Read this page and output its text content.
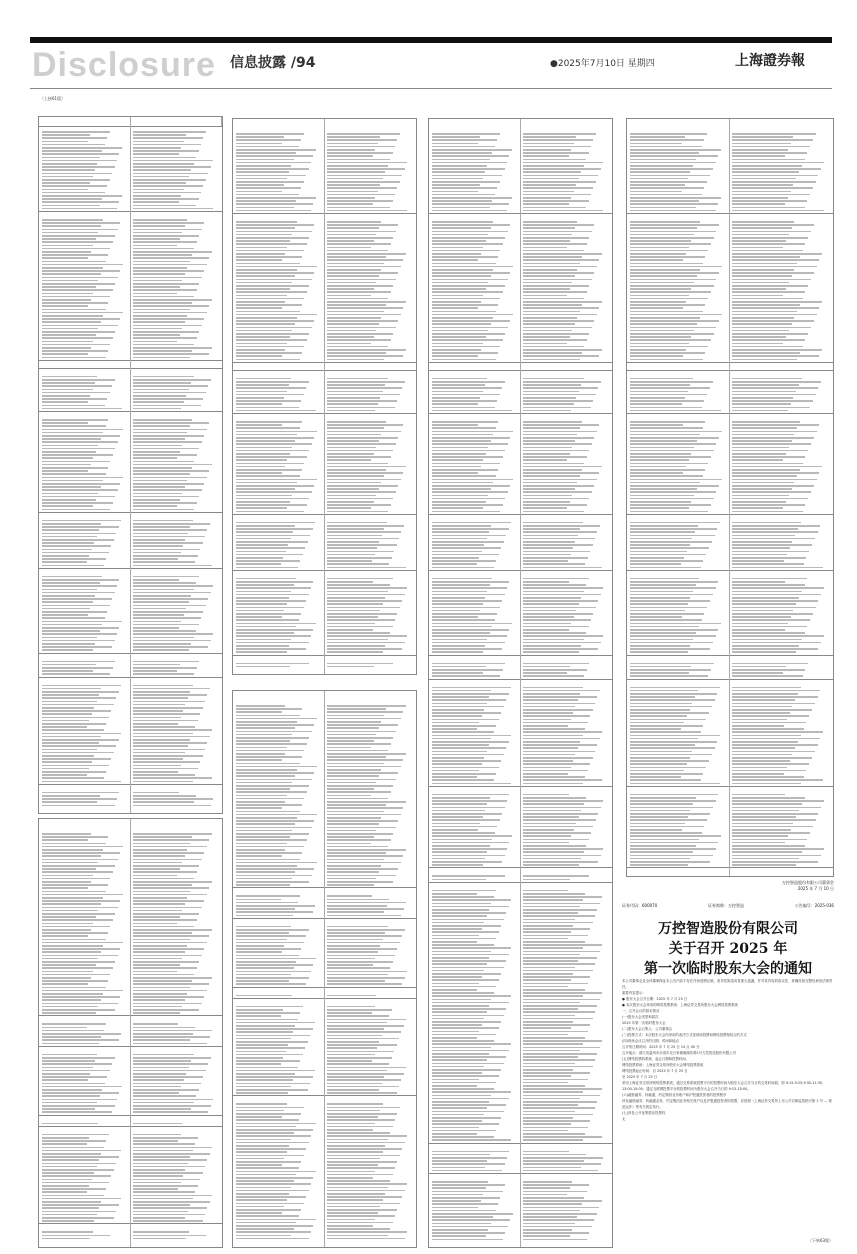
Disclosure 信息披露 /94	●2025年7月10日 星期四	上海證券報
（上接61版）
万控智造股份有限公司董事会
2025 年 7 月 10 日
证券代码：600070	证券简称：万控智造	公告编号：2025-036
万控智造股份有限公司
关于召开 2025 年
第一次临时股东大会的通知

本公司董事会及全体董事保证本公告内容不存在任何虚假记载、误导性陈述或者重大遗漏，并对其内容的真实性、准确性和完整性承担法律责任。

重要内容提示：

● 股东大会召开日期：2025 年 7 月 25 日

● 本次股东大会采用的网络投票系统：上海证券交易所股东大会网络投票系统

一、召开会议的基本情况

(一)股东大会类型和届次

2025 年第一次临时股东大会

(二)股东大会召集人：公司董事会

(三)投票方式：本次股东大会所采用的表决方式是现场投票和网络投票相结合的方式

(四)现场会议召开的日期、时间和地点

召开的日期时间：2025 年 7 月 25 日 14 点 00 分

召开地点：浙江省温州市乐清市北白象镇雁湖东路1号万控智造股份有限公司

(五)网络投票的系统、起止日期和投票时间。

网络投票系统：上海证券交易所股东大会网络投票系统

网络投票起止时间：自 2025 年 7 月 25 日

至 2025 年 7 月 25 日

采用上海证券交易所网络投票系统，通过交易系统投票平台的投票时间为股东大会召开当日的交易时间段，即 9:15-9:25,9:30-11:30，13:00-15:00；通过互联网投票平台的投票时间为股东大会召开当日的 9:15-15:00。

(六)融资融券、转融通、约定购回业务账户和沪股通投资者的投票程序

涉及融资融券、转融通业务、约定购回业务相关账户以及沪股通投资者的投票，应按照《上海证券交易所上市公司自律监管指引第 1 号 — 规范运作》等有关规定执行。

(七)涉及公开征集股东投票权

无

（下转63版）
